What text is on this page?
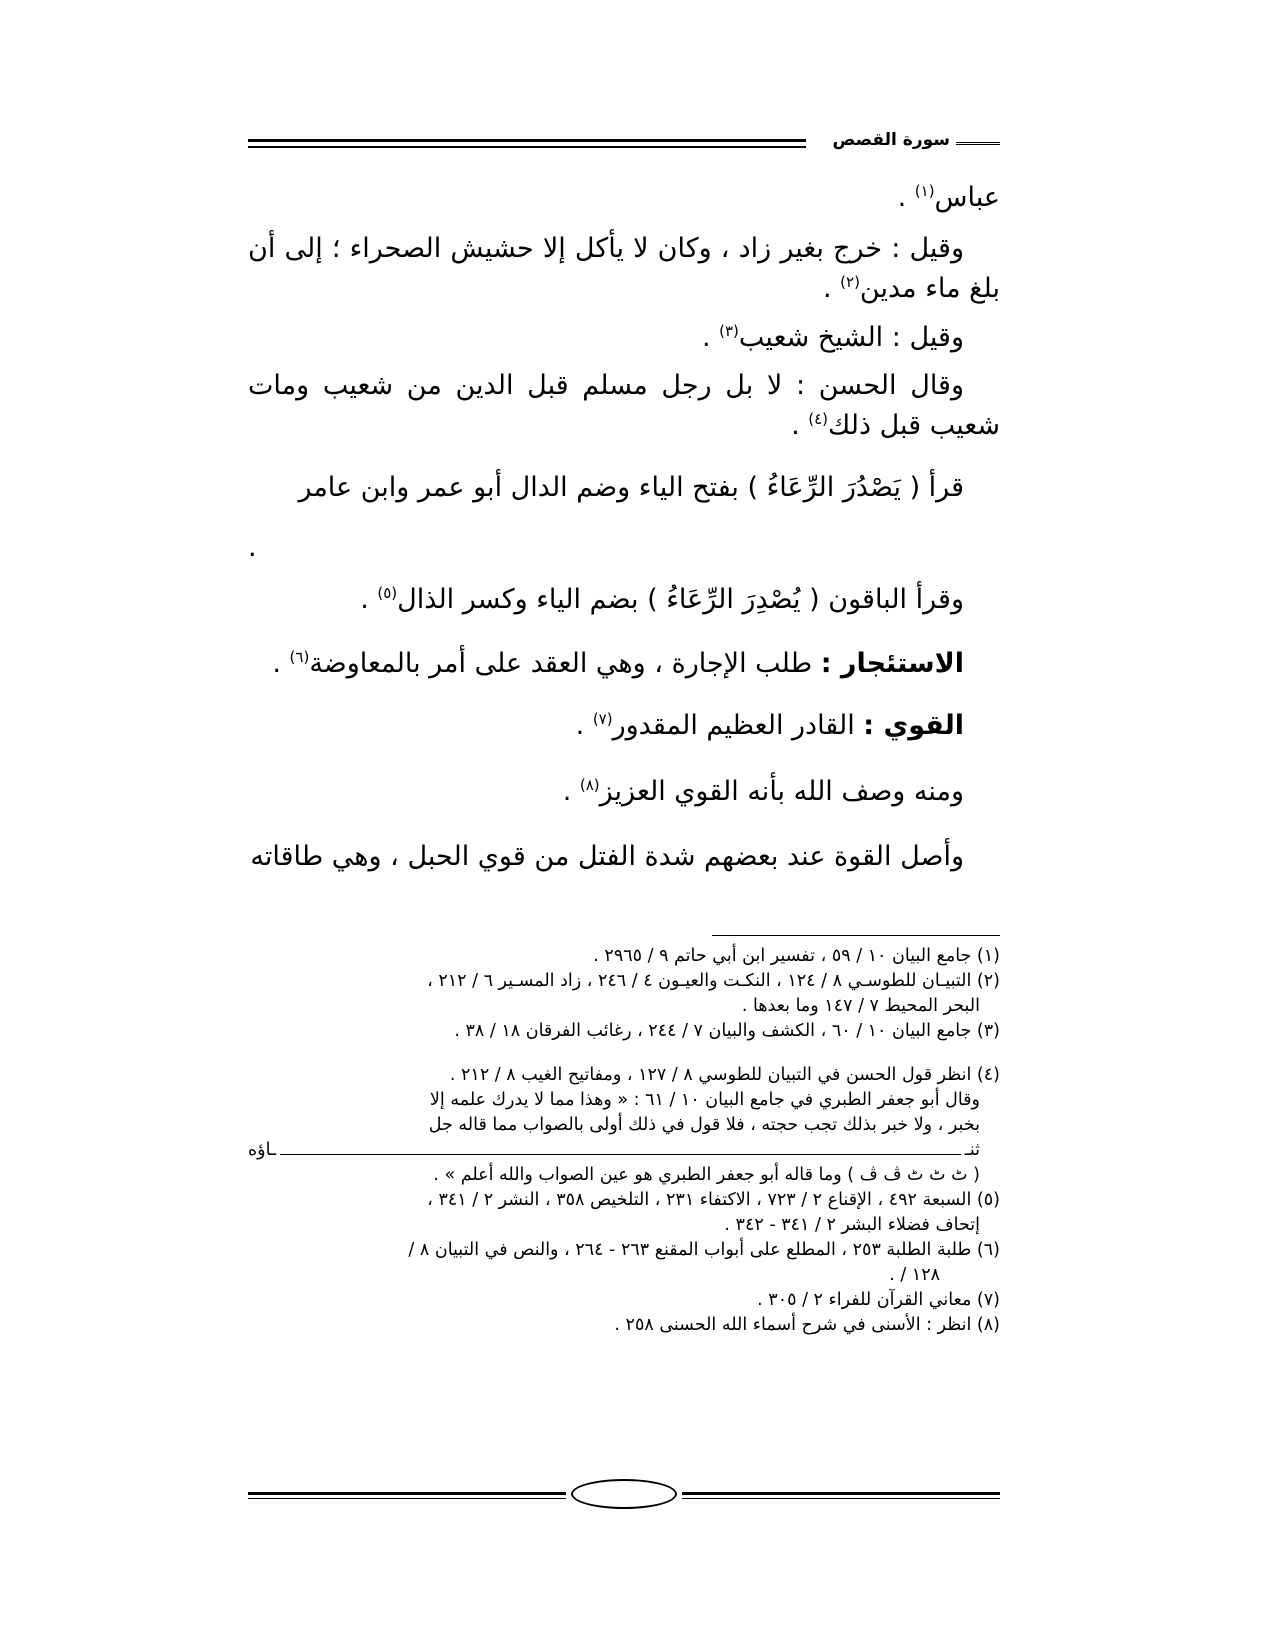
سورة القصص

عباس$^{(١)}$ .

وقيل : خرج بغير زاد ، وكان لا يأكل إلا حشيش الصحراء ؛ إلى أن بلغ ماء مدين$^{(٢)}$ .

وقيل : الشيخ شعيب$^{(٣)}$ .

وقال الحسن : لا بل رجل مسلم قبل الدين من شعيب ومات شعيب قبل ذلك$^{(٤)}$ .

قرأ ( يَصْدُرَ الرِّعَاءُ ) بفتح الياء وضم الدال أبو عمر وابن عامر

.

وقرأ الباقون ( يُصْدِرَ الرِّعَاءُ ) بضم الياء وكسر الذال$^{(٥)}$ .

الاستئجار : طلب الإجارة ، وهي العقد على أمر بالمعاوضة$^{(٦)}$ .

القوي : القادر العظيم المقدور$^{(٧)}$ .

ومنه وصف الله بأنه القوي العزيز$^{(٨)}$ .

وأصل القوة عند بعضهم شدة الفتل من قوي الحبل ، وهي طاقاته

(١) جامع البيان ١٠ / ٥٩ ، تفسير ابن أبي حاتم ٩ / ٢٩٦٥ .

(٢) التبيـان للطوسـي ٨ / ١٢٤ ، النكـت والعيـون ٤ / ٢٤٦ ، زاد المسـير ٦ / ٢١٢ ،

البحر المحيط ٧ / ١٤٧ وما بعدها .

(٣) جامع البيان ١٠ / ٦٠ ، الكشف والبيان ٧ / ٢٤٤ ، رغائب الفرقان ١٨ / ٣٨ .

(٤) انظر قول الحسن في التبيان للطوسي ٨ / ١٢٧ ، ومفاتيح الغيب ٨ / ٢١٢ .

وقال أبو جعفر الطبري في جامع البيان ١٠ / ٦١ : « وهذا مما لا يدرك علمه إلا

بخبر ، ولا خبر بذلك تجب حجته ، فلا قول في ذلك أولى بالصواب مما قاله جل

ثنـ
ـاؤه

( ٹ ٹ ٹ ڤ ڤ ) وما قاله أبو جعفر الطبري هو عين الصواب والله أعلم » .

(٥) السبعة ٤٩٢ ، الإقناع ٢ / ٧٢٣ ، الاكتفاء ٢٣١ ، التلخيص ٣٥٨ ، النشر ٢ / ٣٤١ ،

إتحاف فضلاء البشر ٢ / ٣٤١ - ٣٤٢ .

(٦) طلبة الطلبة ٢٥٣ ، المطلع على أبواب المقنع ٢٦٣ - ٢٦٤ ، والنص في التبيان ٨ /

١٢٨ / .

(٧) معاني القرآن للفراء ٢ / ٣٠٥ .

(٨) انظر : الأسنى في شرح أسماء الله الحسنى ٢٥٨ .
